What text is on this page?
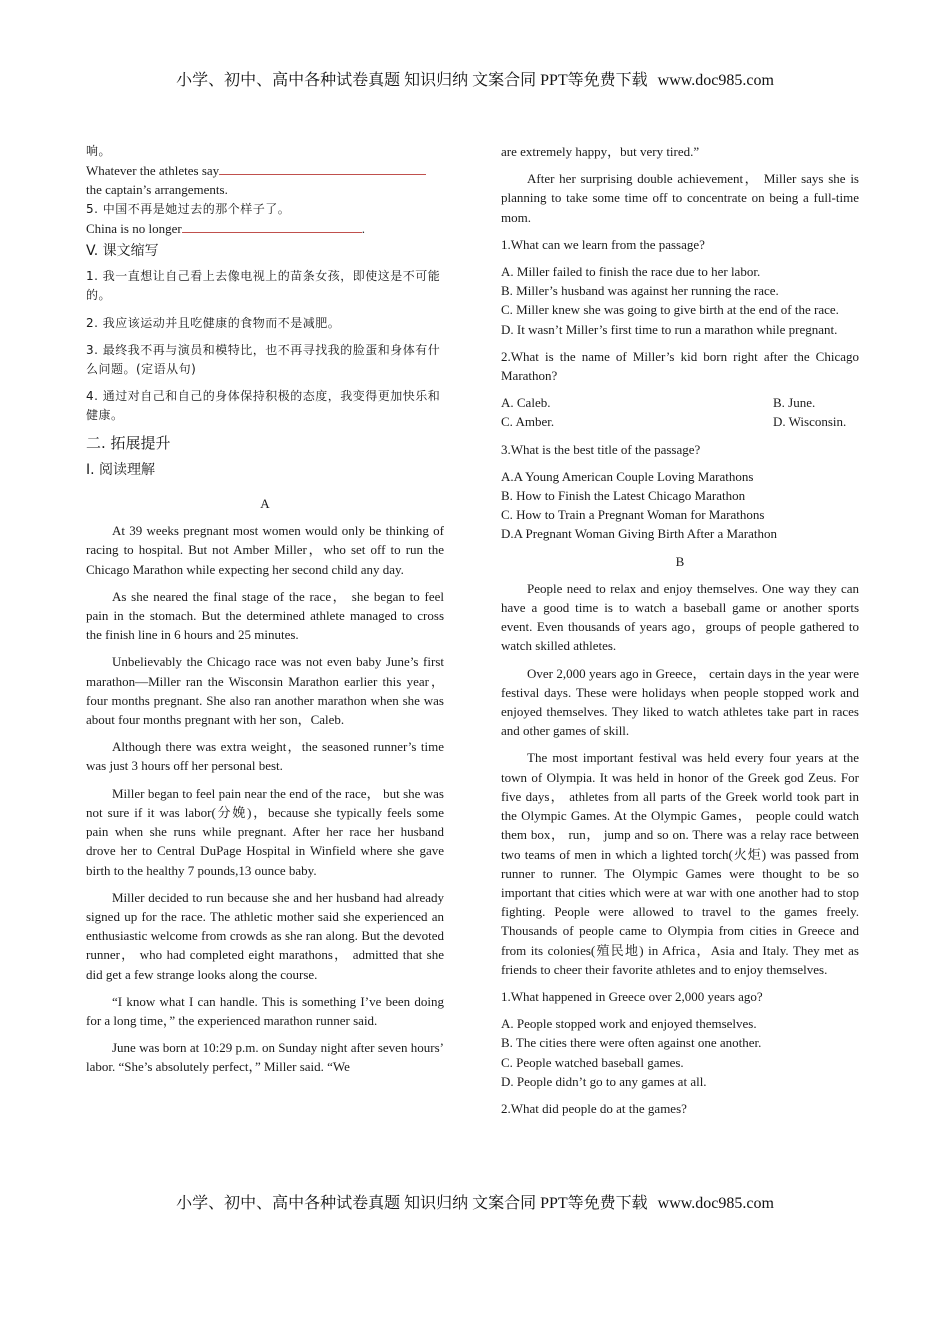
小学、初中、高中各种试卷真题 知识归纳 文案合同 PPT等免费下载 www.doc985.com
响。
Whatever the athletes say
the captain’s arrangements.
5. 中国不再是她过去的那个样子了。
China is no longer	.
V. 课文缩写
1. 我一直想让自己看上去像电视上的苗条女孩，即使这是不可能的。
2. 我应该运动并且吃健康的食物而不是减肥。
3. 最终我不再与演员和模特比，也不再寻找我的脸蛋和身体有什么问题。(定语从句)
4. 通过对自己和自己的身体保持积极的态度，我变得更加快乐和健康。
二. 拓展提升
I. 阅读理解
A

At 39 weeks pregnant most women would only be thinking of racing to hospital. But not Amber Miller，who set off to run the Chicago Marathon while expecting her second child any day.

As she neared the final stage of the race， she began to feel pain in the stomach. But the determined athlete managed to cross the finish line in 6 hours and 25 minutes.

Unbelievably the Chicago race was not even baby June’s first marathon—Miller ran the Wisconsin Marathon earlier this year， four months pregnant. She also ran another marathon when she was about four months pregnant with her son，Caleb.

Although there was extra weight，the seasoned runner’s time was just 3 hours off her personal best.

Miller began to feel pain near the end of the race， but she was not sure if it was labor(分娩)，because she typically feels some pain when she runs while pregnant. After her race her husband drove her to Central DuPage Hospital in Winfield where she gave birth to the healthy 7 pounds,13 ounce baby.

Miller decided to run because she and her husband had already signed up for the race. The athletic mother said she experienced an enthusiastic welcome from crowds as she ran along. But the devoted runner， who had completed eight marathons， admitted that she did get a few strange looks along the course.

“I know what I can handle. This is something I’ve been doing for a long time，” the experienced marathon runner said.

June was born at 10:29 p.m. on Sunday night after seven hours’ labor. “She’s absolutely perfect，” Miller said. “We

are extremely happy，but very tired.”

After her surprising double achievement， Miller says she is planning to take some time off to concentrate on being a full-time mom.

1.What can we learn from the passage?

A. Miller failed to finish the race due to her labor.
B. Miller’s husband was against her running the race.
C. Miller knew she was going to give birth at the end of the race.
D. It wasn’t Miller’s first time to run a marathon while pregnant.

2.What is the name of Miller’s kid born right after the Chicago Marathon?

A. Caleb.	B. June.
C. Amber.	D. Wisconsin.

3.What is the best title of the passage?

A.A Young American Couple Loving Marathons
B. How to Finish the Latest Chicago Marathon
C. How to Train a Pregnant Woman for Marathons
D.A Pregnant Woman Giving Birth After a Marathon
B

People need to relax and enjoy themselves. One way they can have a good time is to watch a baseball game or another sports event. Even thousands of years ago，groups of people gathered to watch skilled athletes.

Over 2,000 years ago in Greece， certain days in the year were festival days. These were holidays when people stopped work and enjoyed themselves. They liked to watch athletes take part in races and other games of skill.

The most important festival was held every four years at the town of Olympia. It was held in honor of the Greek god Zeus. For five days， athletes from all parts of the Greek world took part in the Olympic Games. At the Olympic Games， people could watch them box， run， jump and so on. There was a relay race between two teams of men in which a lighted torch(火炬) was passed from runner to runner. The Olympic Games were thought to be so important that cities which were at war with one another had to stop fighting. People were allowed to travel to the games freely. Thousands of people came to Olympia from cities in Greece and from its colonies(殖民地) in Africa，Asia and Italy. They met as friends to cheer their favorite athletes and to enjoy themselves.

1.What happened in Greece over 2,000 years ago?

A. People stopped work and enjoyed themselves.
B. The cities there were often against one another.
C. People watched baseball games.
D. People didn’t go to any games at all.

2.What did people do at the games?

小学、初中、高中各种试卷真题 知识归纳 文案合同 PPT等免费下载 www.doc985.com
